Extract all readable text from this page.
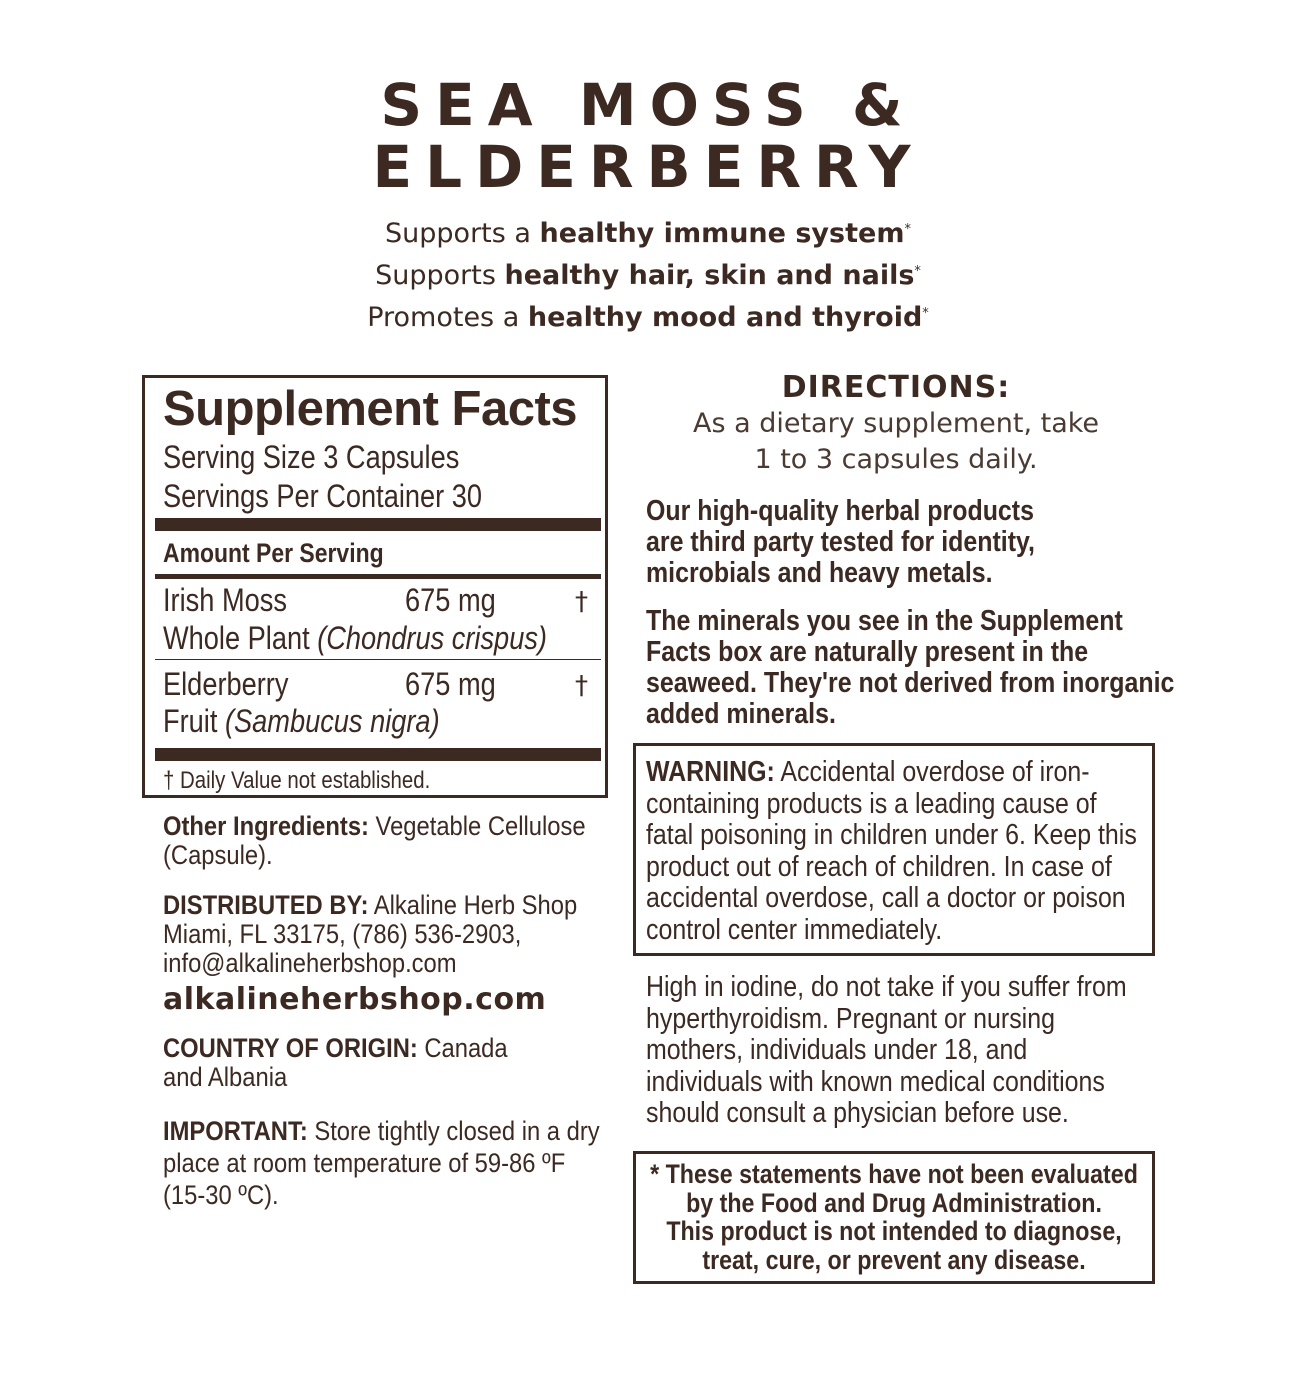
SEA MOSS &
ELDERBERRY
Supports a healthy immune system*
Supports healthy hair, skin and nails*
Promotes a healthy mood and thyroid*
Supplement Facts
Serving Size 3 Capsules
Servings Per Container 30
Amount Per Serving
Irish Moss	675 mg	†
Whole Plant (Chondrus crispus)
Elderberry	675 mg	†
Fruit (Sambucus nigra)
† Daily Value not established.
Other Ingredients: Vegetable Cellulose (Capsule).
DISTRIBUTED BY: Alkaline Herb Shop
Miami, FL 33175, (786) 536-2903,
info@alkalineherbshop.com
alkalineherbshop.com
COUNTRY OF ORIGIN: Canada and Albania
IMPORTANT: Store tightly closed in a dry place at room temperature of 59-86 ºF (15-30 ºC).
DIRECTIONS:
As a dietary supplement, take
1 to 3 capsules daily.
Our high-quality herbal products are third party tested for identity, microbials and heavy metals.
The minerals you see in the Supplement Facts box are naturally present in the seaweed. They're not derived from inorganic added minerals.
WARNING: Accidental overdose of iron-containing products is a leading cause of fatal poisoning in children under 6. Keep this product out of reach of children. In case of accidental overdose, call a doctor or poison control center immediately.
High in iodine, do not take if you suffer from hyperthyroidism. Pregnant or nursing mothers, individuals under 18, and individuals with known medical conditions should consult a physician before use.
* These statements have not been evaluated
by the Food and Drug Administration.
This product is not intended to diagnose,
treat, cure, or prevent any disease.
